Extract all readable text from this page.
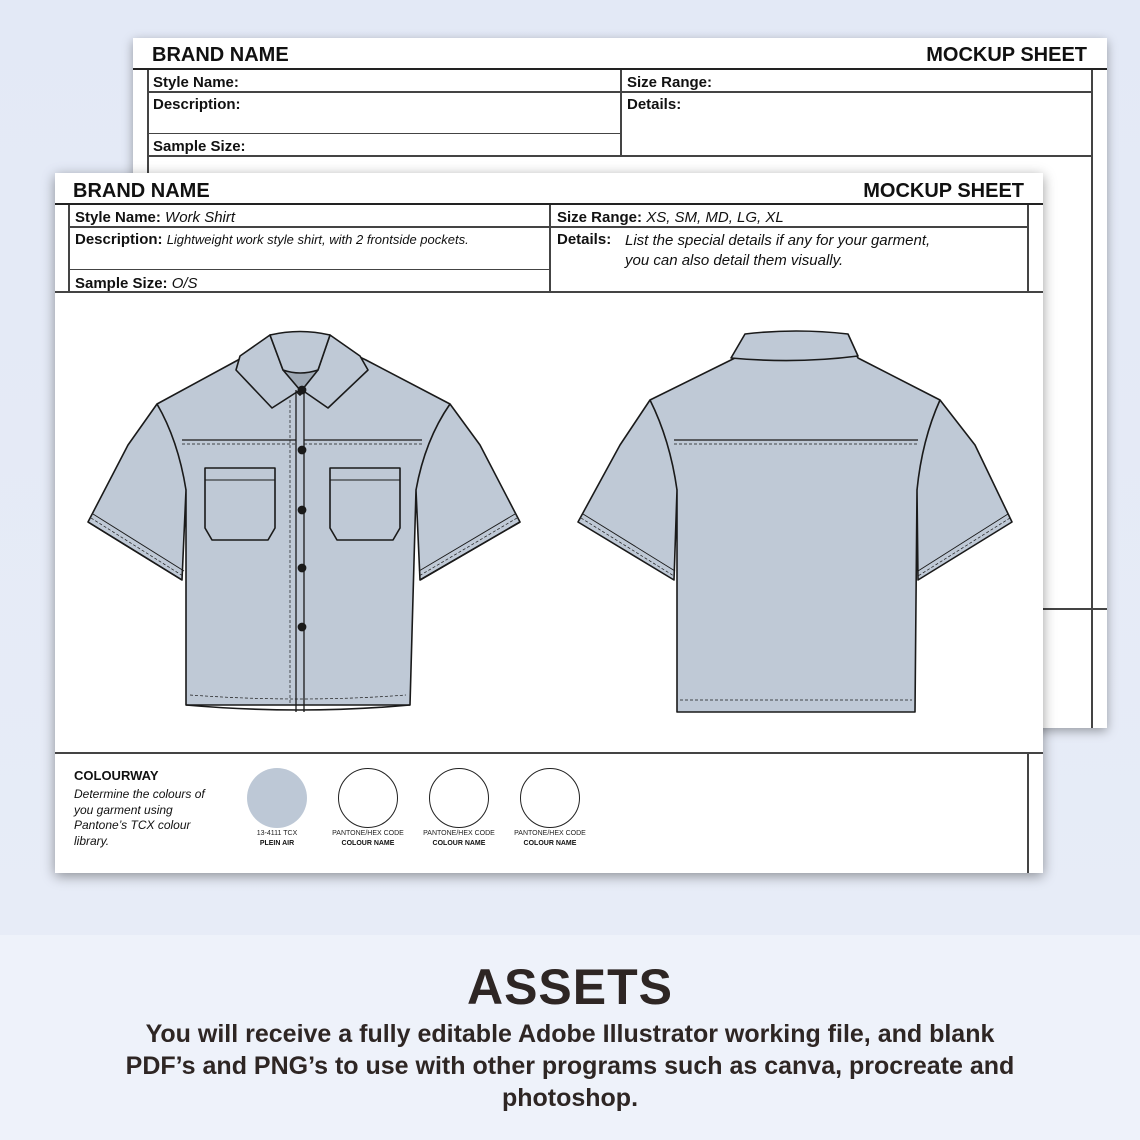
BRAND NAME	MOCKUP SHEET
Style Name:	Size Range:
Description:	Details:
Sample Size:
BRAND NAME	MOCKUP SHEET
Style Name: Work Shirt	Size Range: XS, SM, MD, LG, XL
Description: Lightweight work style shirt, with 2 frontside pockets.	Details: List the special details if any for your garment,
you can also detail them visually.
Sample Size: O/S
COLOURWAY
Determine the colours of you garment using Pantone’s TCX colour library.	13-4111 TCX
PLEIN AIR
PANTONE/HEX CODE
COLOUR NAME
PANTONE/HEX CODE
COLOUR NAME
PANTONE/HEX CODE
COLOUR NAME
ASSETS
You will receive a fully editable Adobe Illustrator working file, and blank PDF’s and PNG’s to use with other programs such as canva, procreate and photoshop.
